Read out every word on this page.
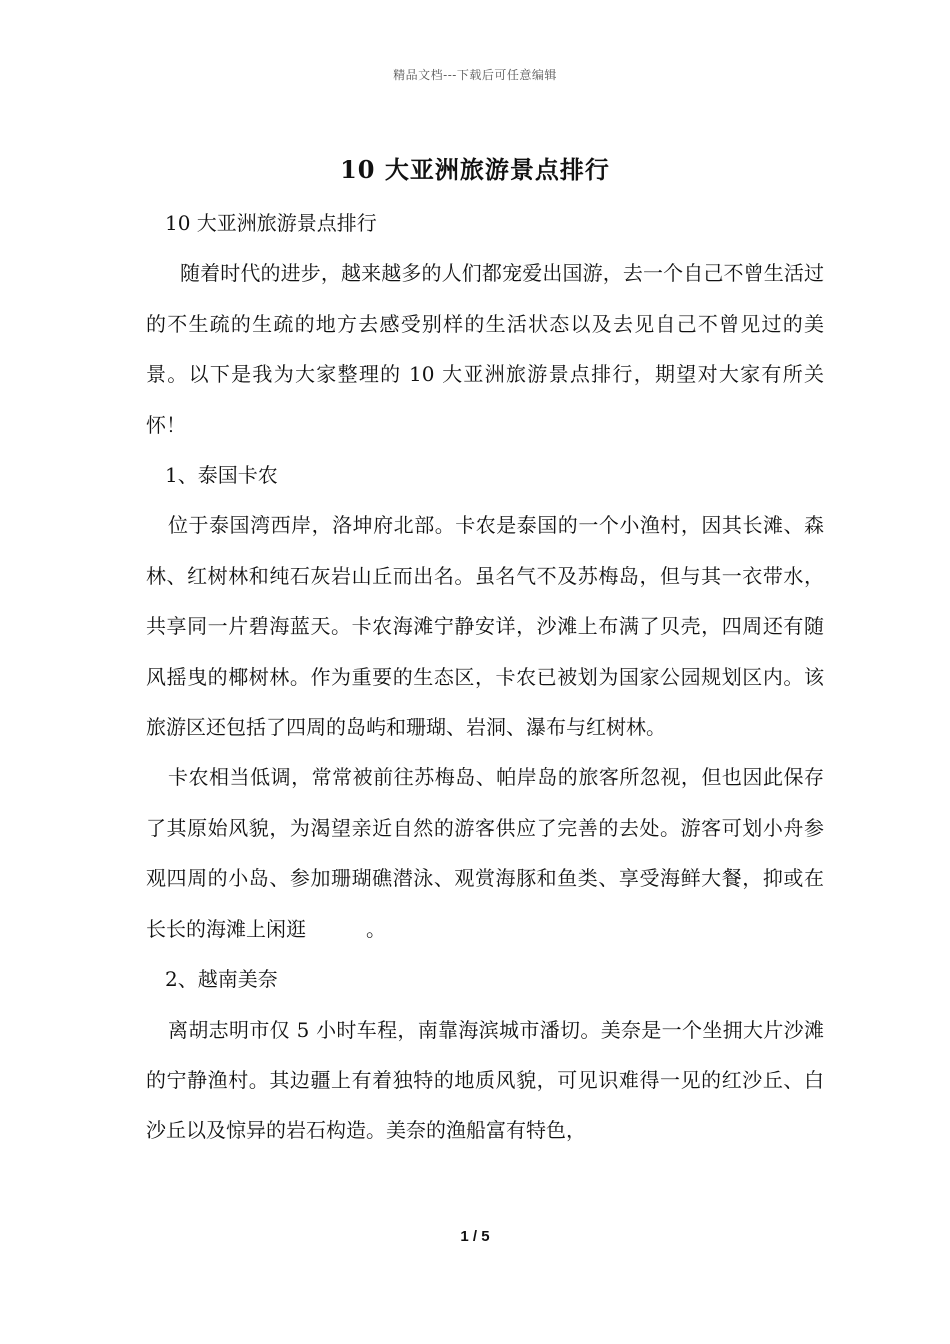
精品文档---下载后可任意编辑
10 大亚洲旅游景点排行

10 大亚洲旅游景点排行

随着时代的进步，越来越多的人们都宠爱出国游，去一个自己不曾生活过的不生疏的生疏的地方去感受别样的生活状态以及去见自己不曾见过的美景。以下是我为大家整理的 10 大亚洲旅游景点排行，期望对大家有所关怀！

1、泰国卡农

位于泰国湾西岸，洛坤府北部。卡农是泰国的一个小渔村，因其长滩、森林、红树林和纯石灰岩山丘而出名。虽名气不及苏梅岛，但与其一衣带水，共享同一片碧海蓝天。卡农海滩宁静安详，沙滩上布满了贝壳，四周还有随风摇曳的椰树林。作为重要的生态区，卡农已被划为国家公园规划区内。该旅游区还包括了四周的岛屿和珊瑚、岩洞、瀑布与红树林。

卡农相当低调，常常被前往苏梅岛、帕岸岛的旅客所忽视，但也因此保存了其原始风貌，为渴望亲近自然的游客供应了完善的去处。游客可划小舟参观四周的小岛、参加珊瑚礁潜泳、观赏海豚和鱼类、享受海鲜大餐，抑或在长长的海滩上闲逛	。

2、越南美奈

离胡志明市仅 5 小时车程，南靠海滨城市潘切。美奈是一个坐拥大片沙滩的宁静渔村。其边疆上有着独特的地质风貌，可见识难得一见的红沙丘、白沙丘以及惊异的岩石构造。美奈的渔船富有特色，

1 / 5
